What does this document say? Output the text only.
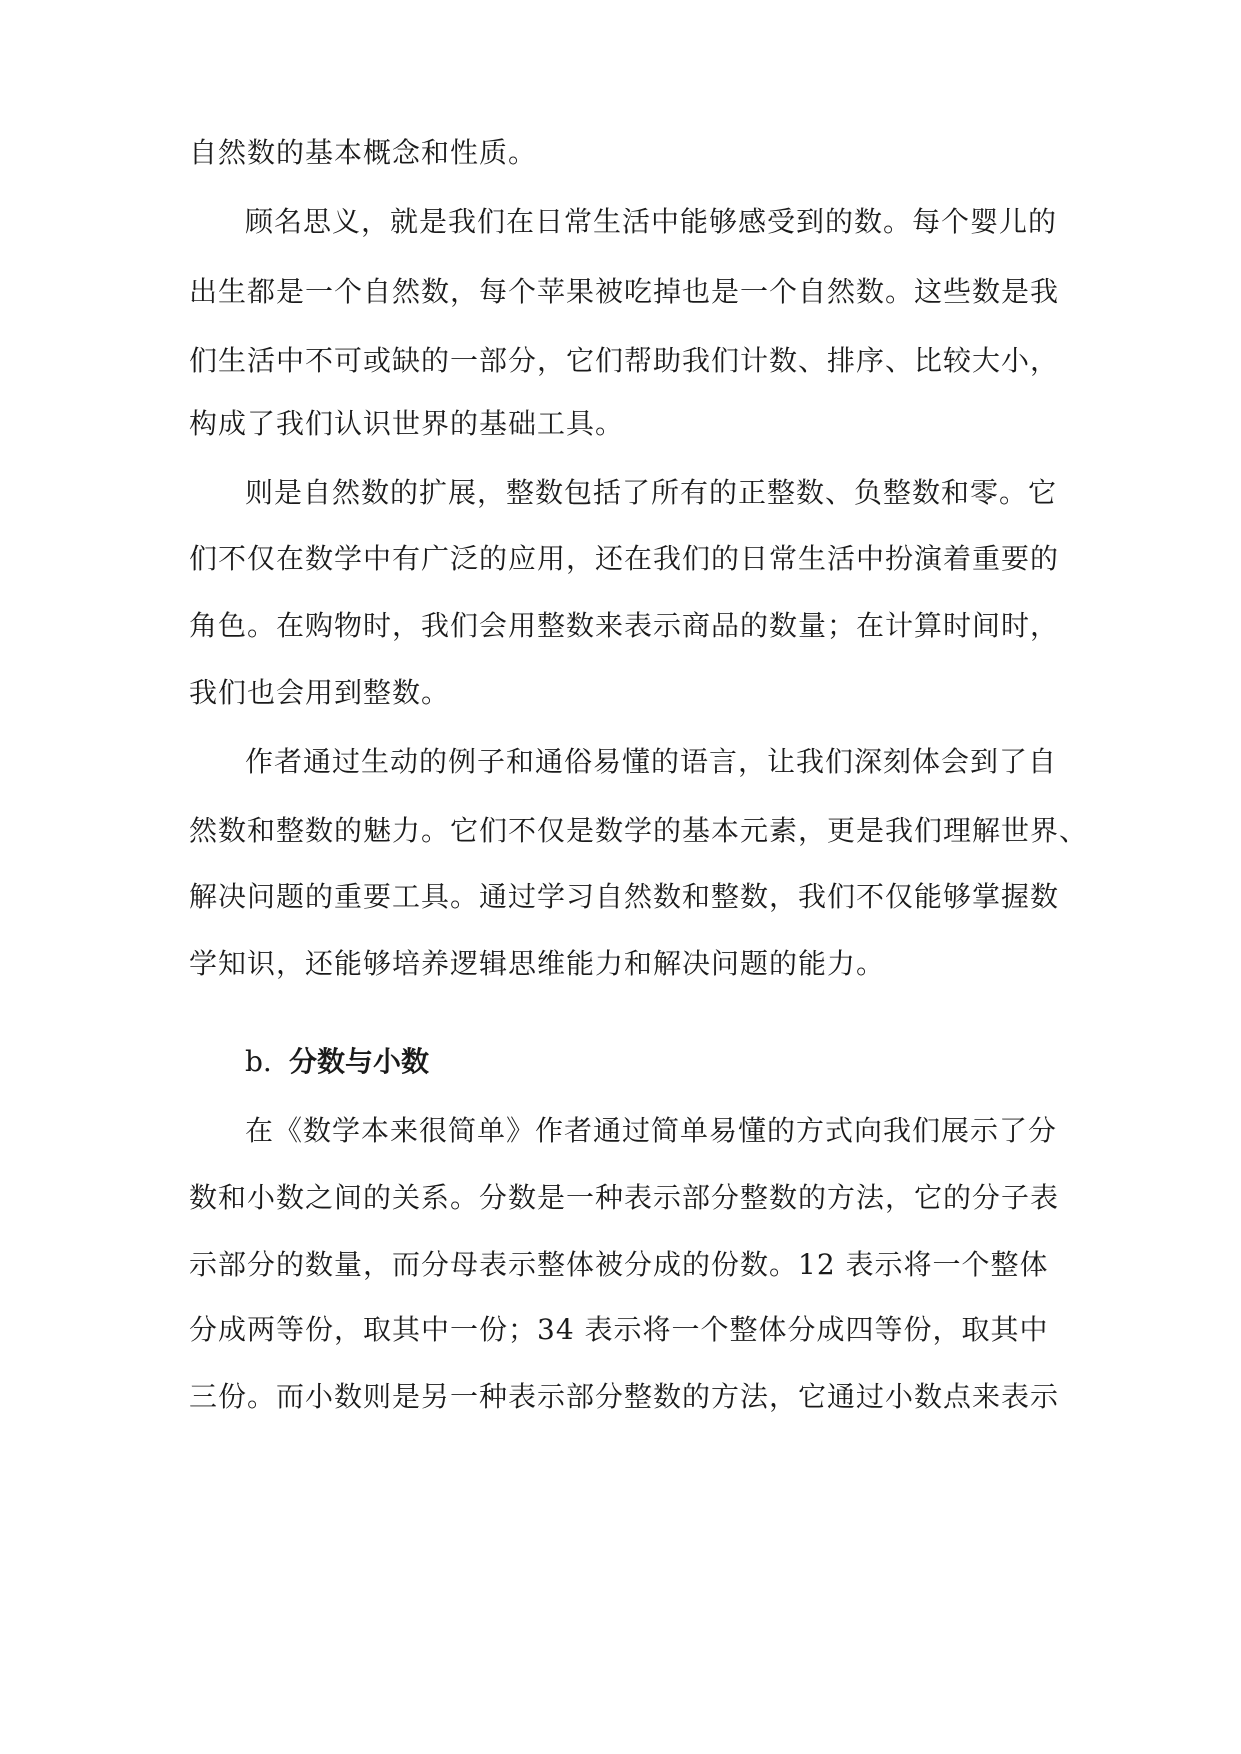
自然数的基本概念和性质。
顾名思义，就是我们在日常生活中能够感受到的数。每个婴儿的
出生都是一个自然数，每个苹果被吃掉也是一个自然数。这些数是我
们生活中不可或缺的一部分，它们帮助我们计数、排序、比较大小，
构成了我们认识世界的基础工具。
则是自然数的扩展，整数包括了所有的正整数、负整数和零。它
们不仅在数学中有广泛的应用，还在我们的日常生活中扮演着重要的
角色。在购物时，我们会用整数来表示商品的数量；在计算时间时，
我们也会用到整数。
作者通过生动的例子和通俗易懂的语言，让我们深刻体会到了自
然数和整数的魅力。它们不仅是数学的基本元素，更是我们理解世界、
解决问题的重要工具。通过学习自然数和整数，我们不仅能够掌握数
学知识，还能够培养逻辑思维能力和解决问题的能力。
b. 分数与小数
在《数学本来很简单》作者通过简单易懂的方式向我们展示了分
数和小数之间的关系。分数是一种表示部分整数的方法，它的分子表
示部分的数量，而分母表示整体被分成的份数。12 表示将一个整体
分成两等份，取其中一份；34 表示将一个整体分成四等份，取其中
三份。而小数则是另一种表示部分整数的方法，它通过小数点来表示
